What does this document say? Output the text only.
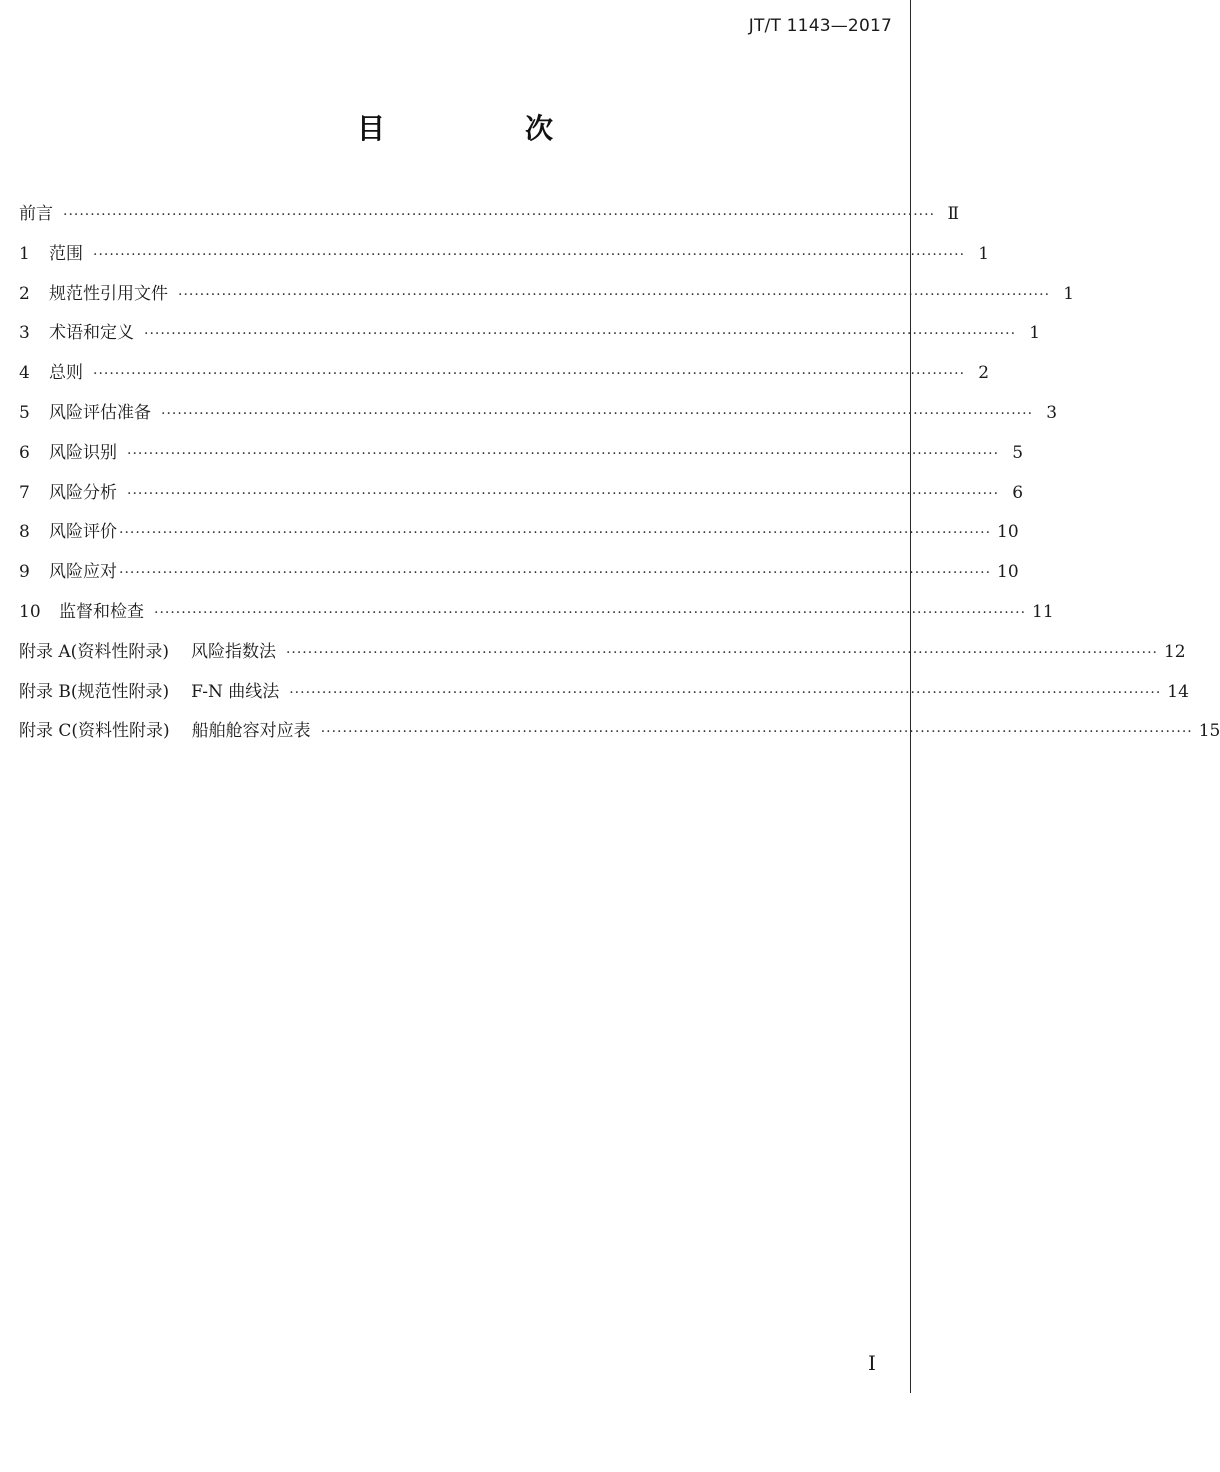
JT/T 1143—2017
目　次
前言 ································································································································································ Ⅱ
1	范围 ································································································································································ 1
2	规范性引用文件 ································································································································································ 1
3	术语和定义 ································································································································································ 1
4	总则 ································································································································································ 2
5	风险评估准备 ································································································································································ 3
6	风险识别 ································································································································································ 5
7	风险分析 ································································································································································ 6
8	风险评价 ································································································································································ 10
9	风险应对 ································································································································································ 10
10	监督和检查 ································································································································································ 11
附录 A(资料性附录) 风险指数法 ································································································································································ 12
附录 B(规范性附录) F-N 曲线法 ································································································································································ 14
附录 C(资料性附录) 船舶舱容对应表 ································································································································································ 15
I
